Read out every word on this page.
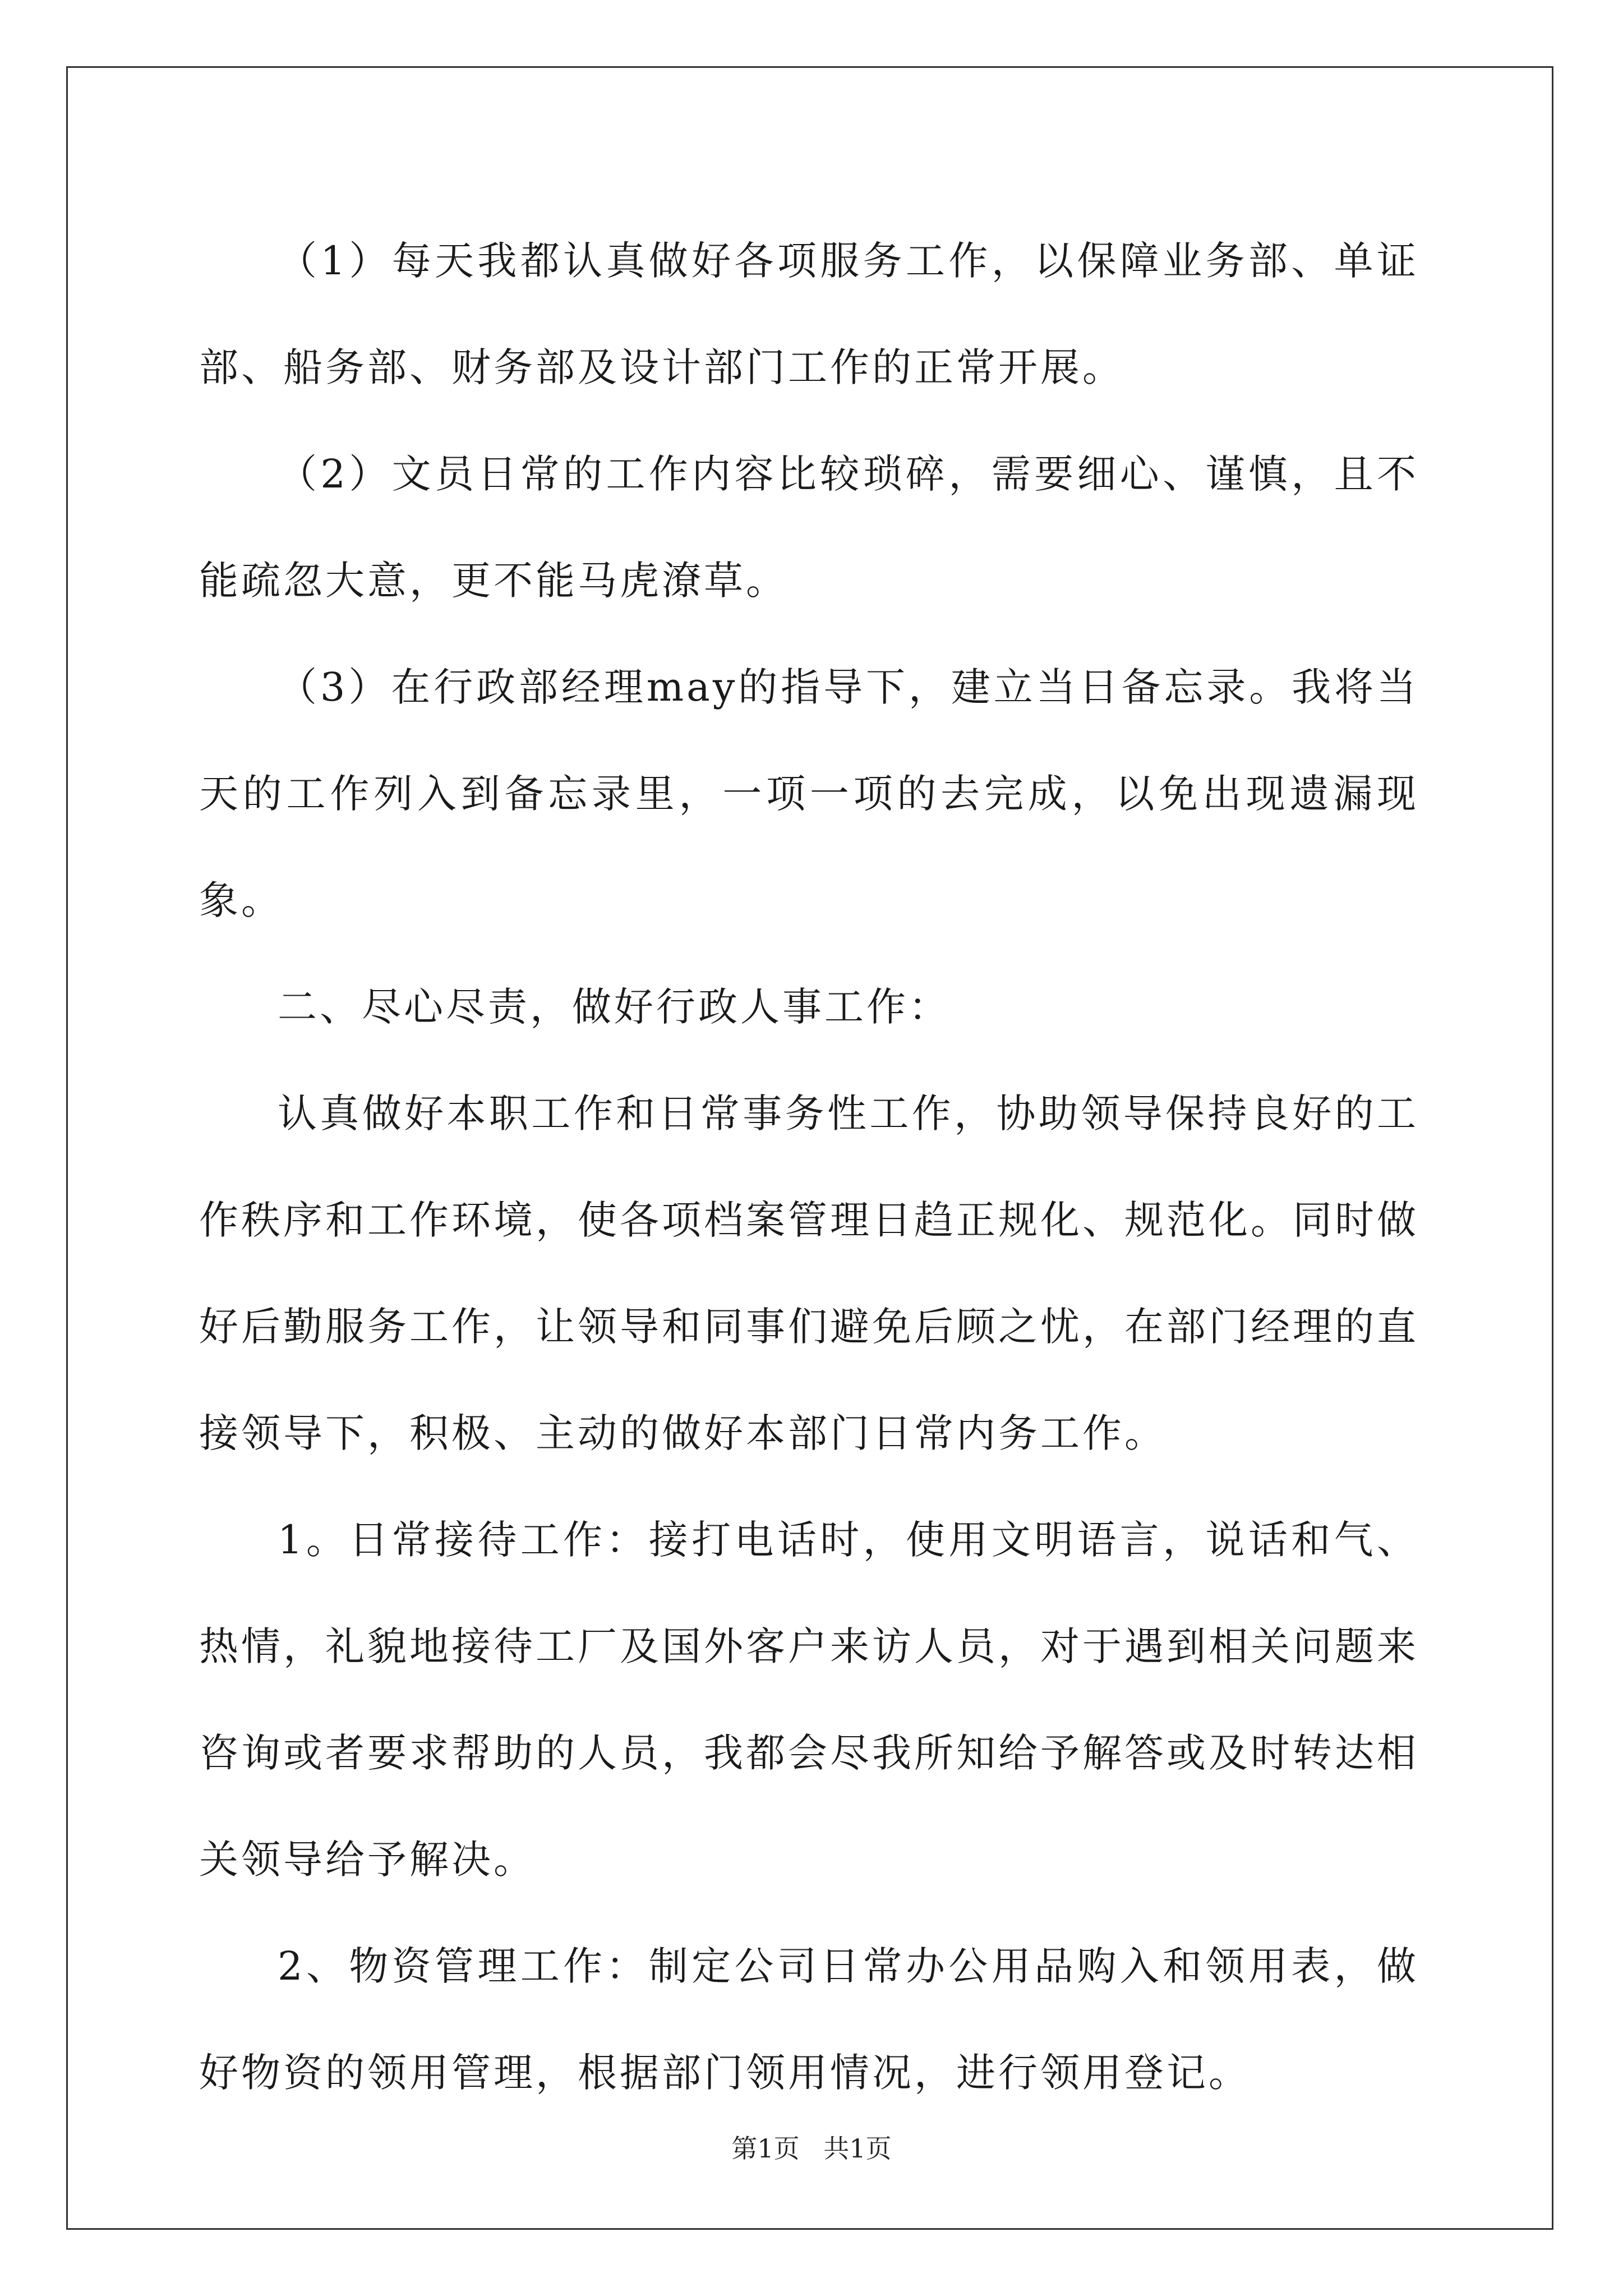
（1）每天我都认真做好各项服务工作，以保障业务部、单证部、船务部、财务部及设计部门工作的正常开展。

（2）文员日常的工作内容比较琐碎，需要细心、谨慎，且不能疏忽大意，更不能马虎潦草。

（3）在行政部经理may的指导下，建立当日备忘录。我将当天的工作列入到备忘录里，一项一项的去完成，以免出现遗漏现象。

二、尽心尽责，做好行政人事工作：

认真做好本职工作和日常事务性工作，协助领导保持良好的工作秩序和工作环境，使各项档案管理日趋正规化、规范化。同时做好后勤服务工作，让领导和同事们避免后顾之忧，在部门经理的直接领导下，积极、主动的做好本部门日常内务工作。

1。日常接待工作：接打电话时，使用文明语言，说话和气、热情，礼貌地接待工厂及国外客户来访人员，对于遇到相关问题来咨询或者要求帮助的人员，我都会尽我所知给予解答或及时转达相关领导给予解决。

2、物资管理工作：制定公司日常办公用品购入和领用表，做好物资的领用管理，根据部门领用情况，进行领用登记。

第1页 共1页
